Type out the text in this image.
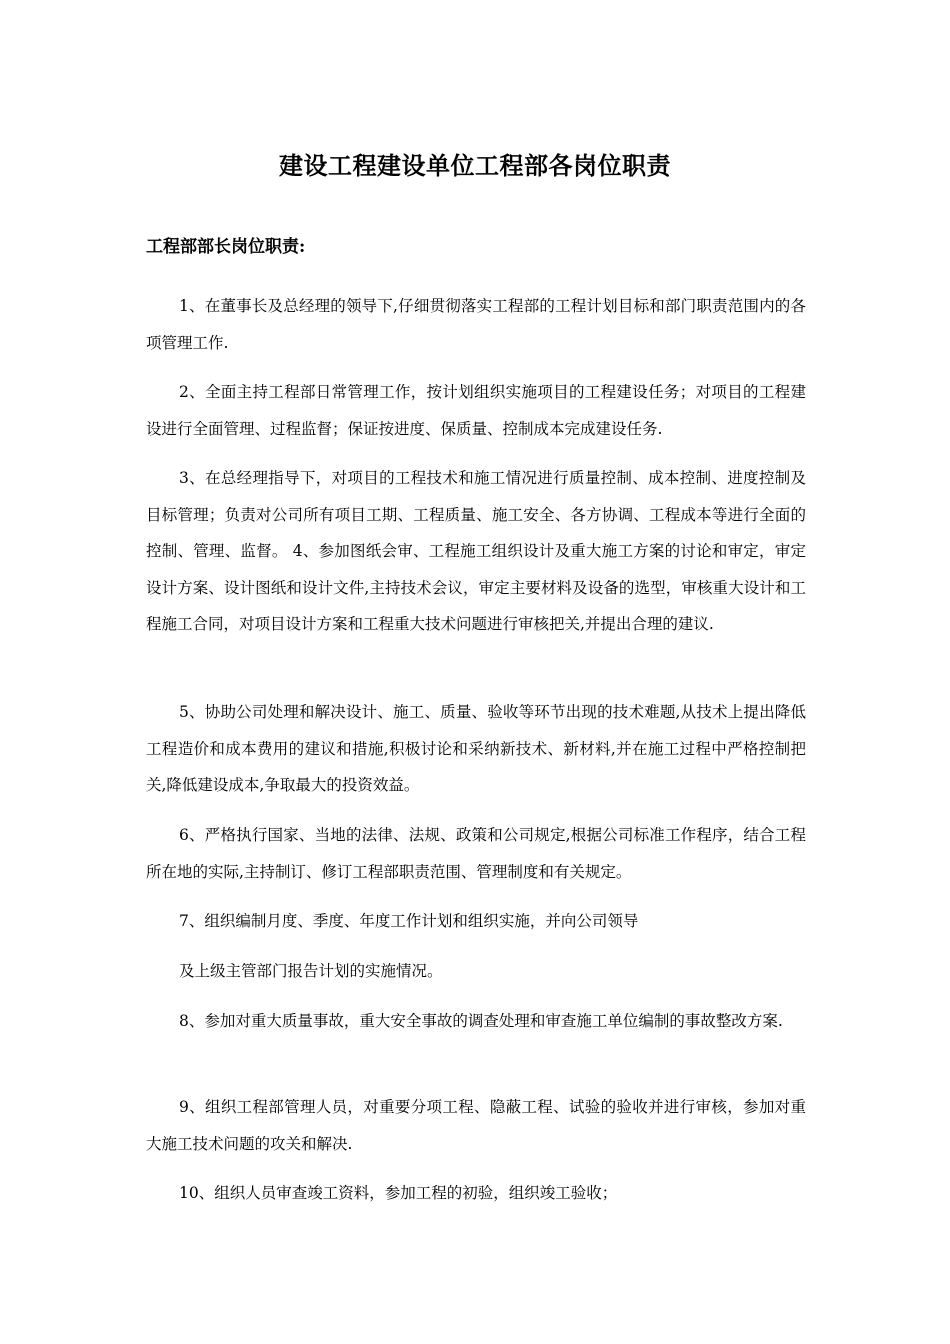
建设工程建设单位工程部各岗位职责
工程部部长岗位职责:

1、在董事长及总经理的领导下,仔细贯彻落实工程部的工程计划目标和部门职责范围内的各项管理工作.

2、全面主持工程部日常管理工作，按计划组织实施项目的工程建设任务；对项目的工程建设进行全面管理、过程监督；保证按进度、保质量、控制成本完成建设任务.

3、在总经理指导下，对项目的工程技术和施工情况进行质量控制、成本控制、进度控制及目标管理；负责对公司所有项目工期、工程质量、施工安全、各方协调、工程成本等进行全面的控制、管理、监督。 4、参加图纸会审、工程施工组织设计及重大施工方案的讨论和审定，审定设计方案、设计图纸和设计文件,主持技术会议，审定主要材料及设备的选型，审核重大设计和工程施工合同，对项目设计方案和工程重大技术问题进行审核把关,并提出合理的建议.

5、协助公司处理和解决设计、施工、质量、验收等环节出现的技术难题,从技术上提出降低工程造价和成本费用的建议和措施,积极讨论和采纳新技术、新材料,并在施工过程中严格控制把关,降低建设成本,争取最大的投资效益。

6、严格执行国家、当地的法律、法规、政策和公司规定,根据公司标准工作程序，结合工程所在地的实际,主持制订、修订工程部职责范围、管理制度和有关规定。

7、组织编制月度、季度、年度工作计划和组织实施，并向公司领导

及上级主管部门报告计划的实施情况。

8、参加对重大质量事故，重大安全事故的调查处理和审查施工单位编制的事故整改方案.

9、组织工程部管理人员，对重要分项工程、隐蔽工程、试验的验收并进行审核，参加对重大施工技术问题的攻关和解决.

10、组织人员审查竣工资料，参加工程的初验，组织竣工验收；
